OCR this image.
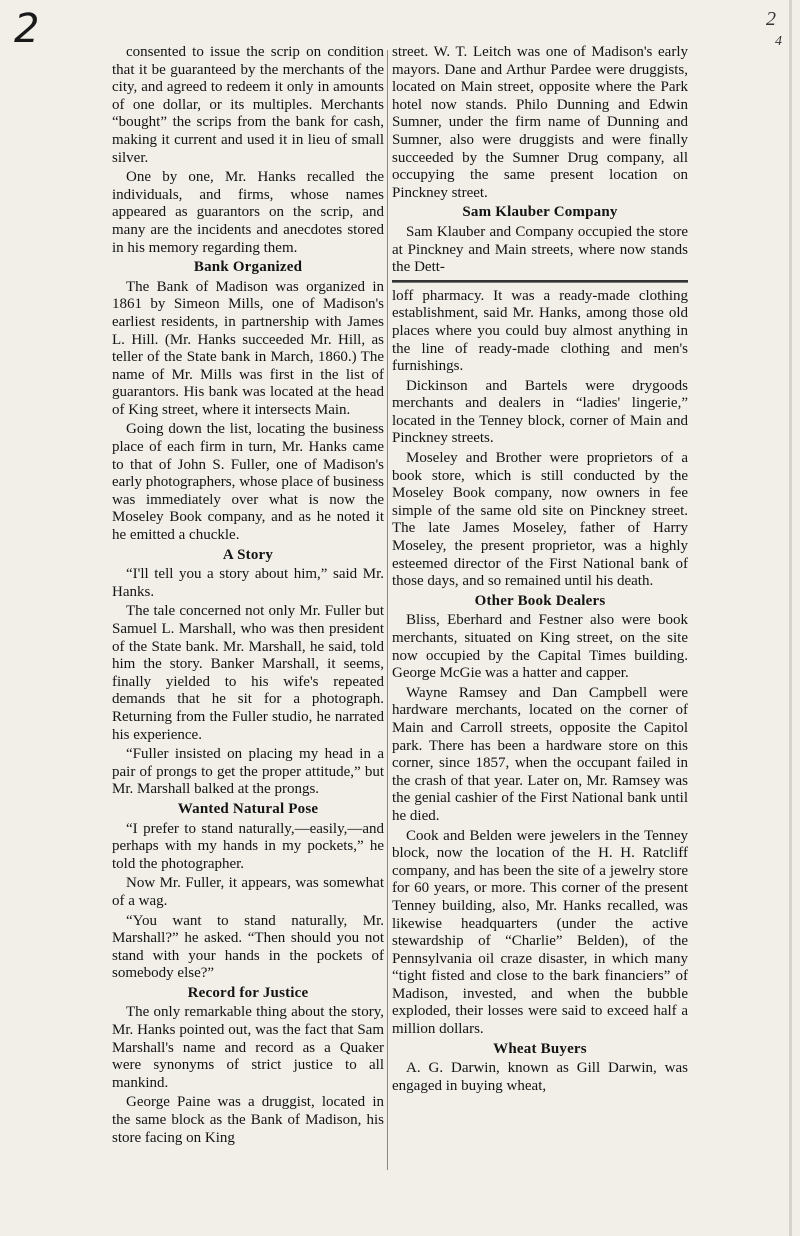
2	2
4

consented to issue the scrip on condition that it be guaranteed by the merchants of the city, and agreed to redeem it only in amounts of one dollar, or its multiples. Merchants “bought” the scrips from the bank for cash, making it current and used it in lieu of small silver.

One by one, Mr. Hanks recalled the individuals, and firms, whose names appeared as guarantors on the scrip, and many are the incidents and anecdotes stored in his memory regarding them.

Bank Organized

The Bank of Madison was organized in 1861 by Simeon Mills, one of Madison's earliest residents, in partnership with James L. Hill. (Mr. Hanks succeeded Mr. Hill, as teller of the State bank in March, 1860.) The name of Mr. Mills was first in the list of guarantors. His bank was located at the head of King street, where it intersects Main.

Going down the list, locating the business place of each firm in turn, Mr. Hanks came to that of John S. Fuller, one of Madison's early photographers, whose place of business was immediately over what is now the Moseley Book company, and as he noted it he emitted a chuckle.

A Story

“I'll tell you a story about him,” said Mr. Hanks.

The tale concerned not only Mr. Fuller but Samuel L. Marshall, who was then president of the State bank. Mr. Marshall, he said, told him the story. Banker Marshall, it seems, finally yielded to his wife's repeated demands that he sit for a photograph. Returning from the Fuller studio, he narrated his experience.

“Fuller insisted on placing my head in a pair of prongs to get the proper attitude,” but Mr. Marshall balked at the prongs.

Wanted Natural Pose

“I prefer to stand naturally,—easily,—and perhaps with my hands in my pockets,” he told the photographer.

Now Mr. Fuller, it appears, was somewhat of a wag.

“You want to stand naturally, Mr. Marshall?” he asked. “Then should you not stand with your hands in the pockets of somebody else?”

Record for Justice

The only remarkable thing about the story, Mr. Hanks pointed out, was the fact that Sam Marshall's name and record as a Quaker were synonyms of strict justice to all mankind.

George Paine was a druggist, located in the same block as the Bank of Madison, his store facing on King

street. W. T. Leitch was one of Madison's early mayors. Dane and Arthur Pardee were druggists, located on Main street, opposite where the Park hotel now stands. Philo Dunning and Edwin Sumner, under the firm name of Dunning and Sumner, also were druggists and were finally succeeded by the Sumner Drug company, all occupying the same present location on Pinckney street.

Sam Klauber Company

Sam Klauber and Company occupied the store at Pinckney and Main streets, where now stands the Dett-

loff pharmacy. It was a ready-made clothing establishment, said Mr. Hanks, among those old places where you could buy almost anything in the line of ready-made clothing and men's furnishings.

Dickinson and Bartels were drygoods merchants and dealers in “ladies' lingerie,” located in the Tenney block, corner of Main and Pinckney streets.

Moseley and Brother were proprietors of a book store, which is still conducted by the Moseley Book company, now owners in fee simple of the same old site on Pinckney street. The late James Moseley, father of Harry Moseley, the present proprietor, was a highly esteemed director of the First National bank of those days, and so remained until his death.

Other Book Dealers

Bliss, Eberhard and Festner also were book merchants, situated on King street, on the site now occupied by the Capital Times building. George McGie was a hatter and capper.

Wayne Ramsey and Dan Campbell were hardware merchants, located on the corner of Main and Carroll streets, opposite the Capitol park. There has been a hardware store on this corner, since 1857, when the occupant failed in the crash of that year. Later on, Mr. Ramsey was the genial cashier of the First National bank until he died.

Cook and Belden were jewelers in the Tenney block, now the location of the H. H. Ratcliff company, and has been the site of a jewelry store for 60 years, or more. This corner of the present Tenney building, also, Mr. Hanks recalled, was likewise headquarters (under the active stewardship of “Charlie” Belden), of the Pennsylvania oil craze disaster, in which many “tight fisted and close to the bark financiers” of Madison, invested, and when the bubble exploded, their losses were said to exceed half a million dollars.

Wheat Buyers

A. G. Darwin, known as Gill Darwin, was engaged in buying wheat,
